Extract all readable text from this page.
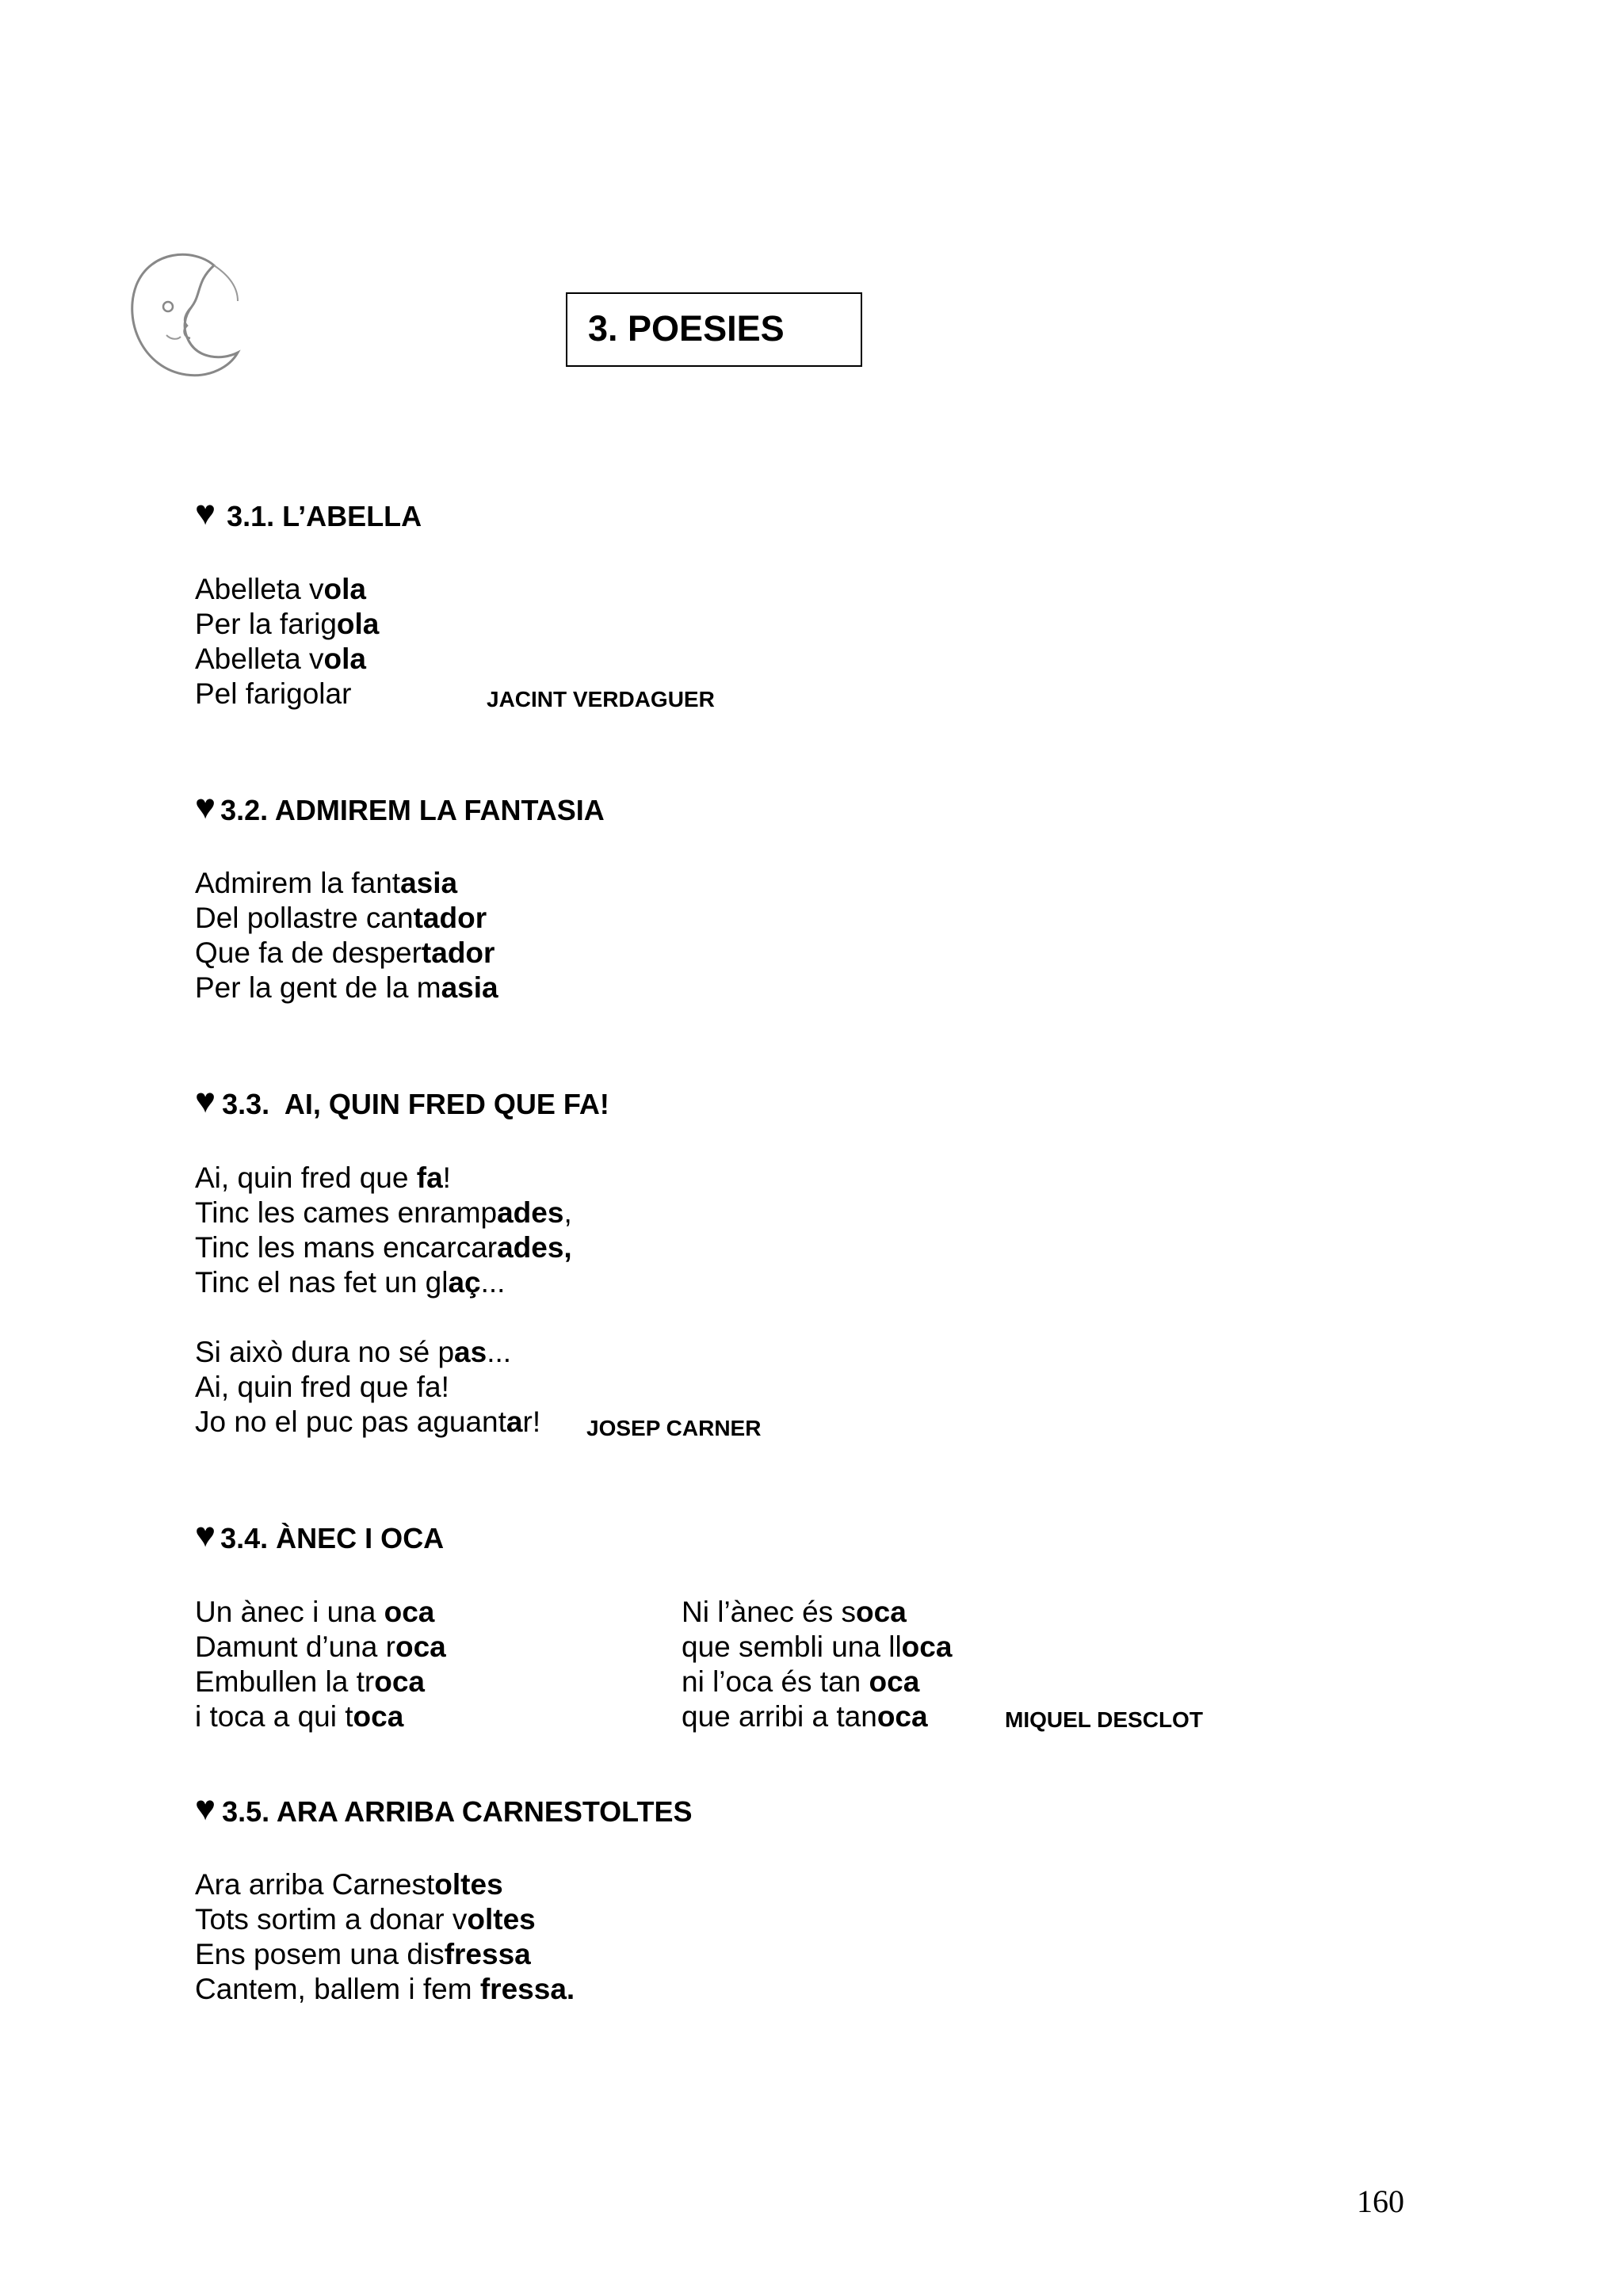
3. POESIES
♥ 3.1. L’ABELLA
Abelleta vola
Per la farigola
Abelleta vola
Pel farigolar	JACINT VERDAGUER
♥ 3.2. ADMIREM LA FANTASIA
Admirem la fantasia
Del pollastre cantador
Que fa de despertador
Per la gent de la masia
♥ 3.3.  AI, QUIN FRED QUE FA!
Ai, quin fred que fa!
Tinc les cames enrampades,
Tinc les mans encarcarades,
Tinc el nas fet un glaç...
Si això dura no sé pas...
Ai, quin fred que fa!
Jo no el puc pas aguantar! JOSEP CARNER
♥ 3.4. ÀNEC I OCA
Un ànec i una oca
Damunt d’una roca
Embullen la troca
i toca a qui toca
Ni l’ànec és soca
que sembli una lloca
ni l’oca és tan oca
que arribi a tanoca	MIQUEL DESCLOT
♥ 3.5. ARA ARRIBA CARNESTOLTES
Ara arriba Carnestoltes
Tots sortim a donar voltes
Ens posem una disfressa
Cantem, ballem i fem fressa.
160
